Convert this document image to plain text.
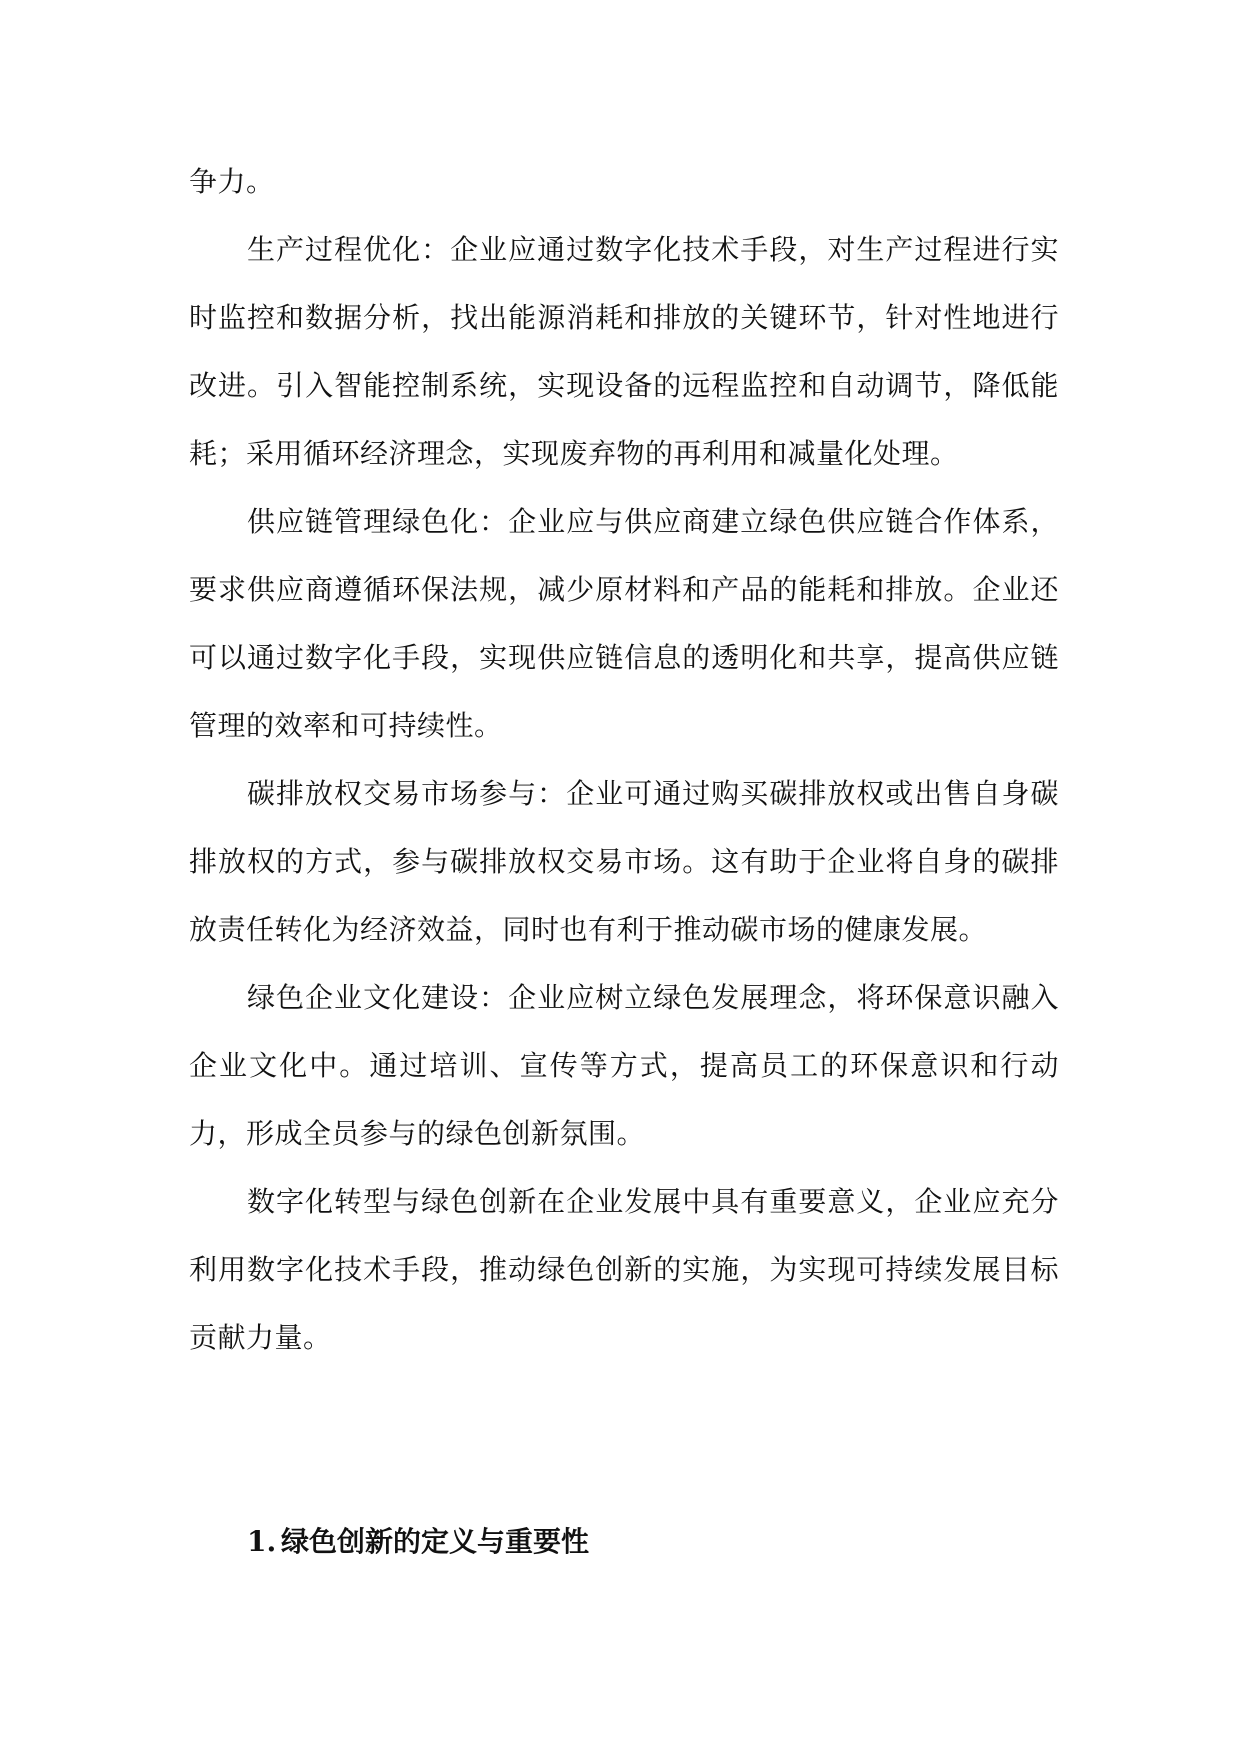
争力。

生产过程优化：企业应通过数字化技术手段，对生产过程进行实时监控和数据分析，找出能源消耗和排放的关键环节，针对性地进行改进。引入智能控制系统，实现设备的远程监控和自动调节，降低能耗；采用循环经济理念，实现废弃物的再利用和减量化处理。

供应链管理绿色化：企业应与供应商建立绿色供应链合作体系，要求供应商遵循环保法规，减少原材料和产品的能耗和排放。企业还可以通过数字化手段，实现供应链信息的透明化和共享，提高供应链管理的效率和可持续性。

碳排放权交易市场参与：企业可通过购买碳排放权或出售自身碳排放权的方式，参与碳排放权交易市场。这有助于企业将自身的碳排放责任转化为经济效益，同时也有利于推动碳市场的健康发展。

绿色企业文化建设：企业应树立绿色发展理念，将环保意识融入企业文化中。通过培训、宣传等方式，提高员工的环保意识和行动力，形成全员参与的绿色创新氛围。

数字化转型与绿色创新在企业发展中具有重要意义，企业应充分利用数字化技术手段，推动绿色创新的实施，为实现可持续发展目标贡献力量。

1. 绿色创新的定义与重要性
